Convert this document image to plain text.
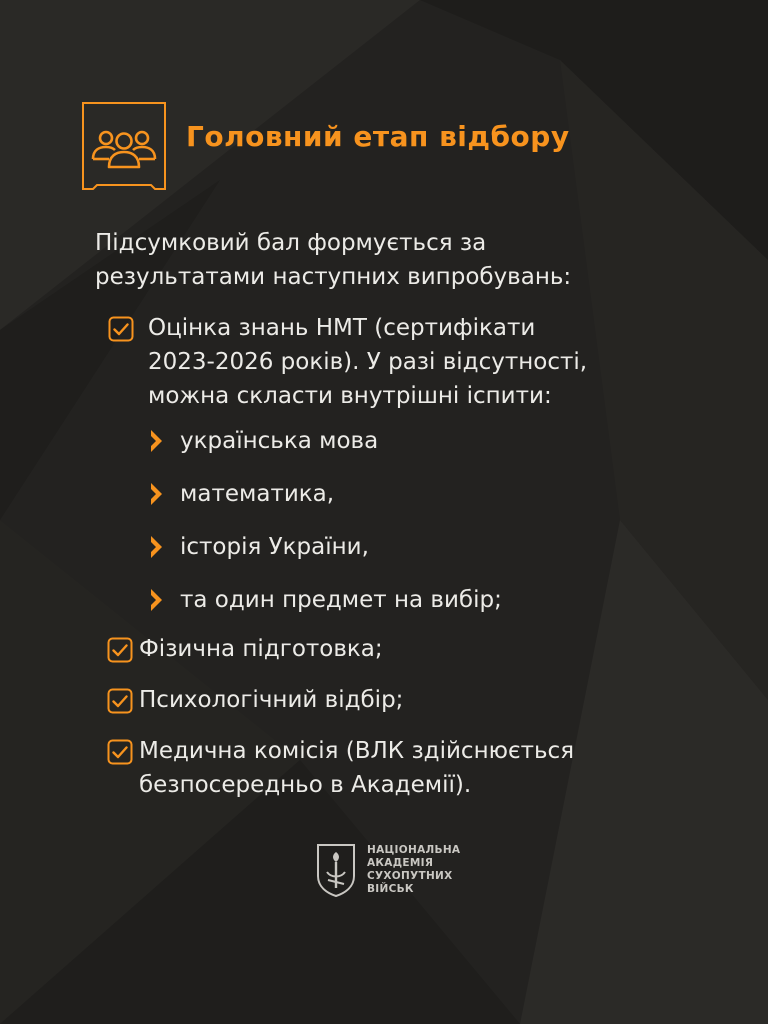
Головний етап відбору
Підсумковий бал формується за
результатами наступних випробувань:
Оцінка знань НМТ (сертифікати
2023-2026 років). У разі відсутності,
можна скласти внутрішні іспити:
українська мова
математика,
історія України,
та один предмет на вибір;
Фізична підготовка;
Психологічний відбір;
Медична комісія (ВЛК здійснюється
безпосередньо в Академії).
НАЦІОНАЛЬНА
АКАДЕМІЯ
СУХОПУТНИХ
ВІЙСЬК
